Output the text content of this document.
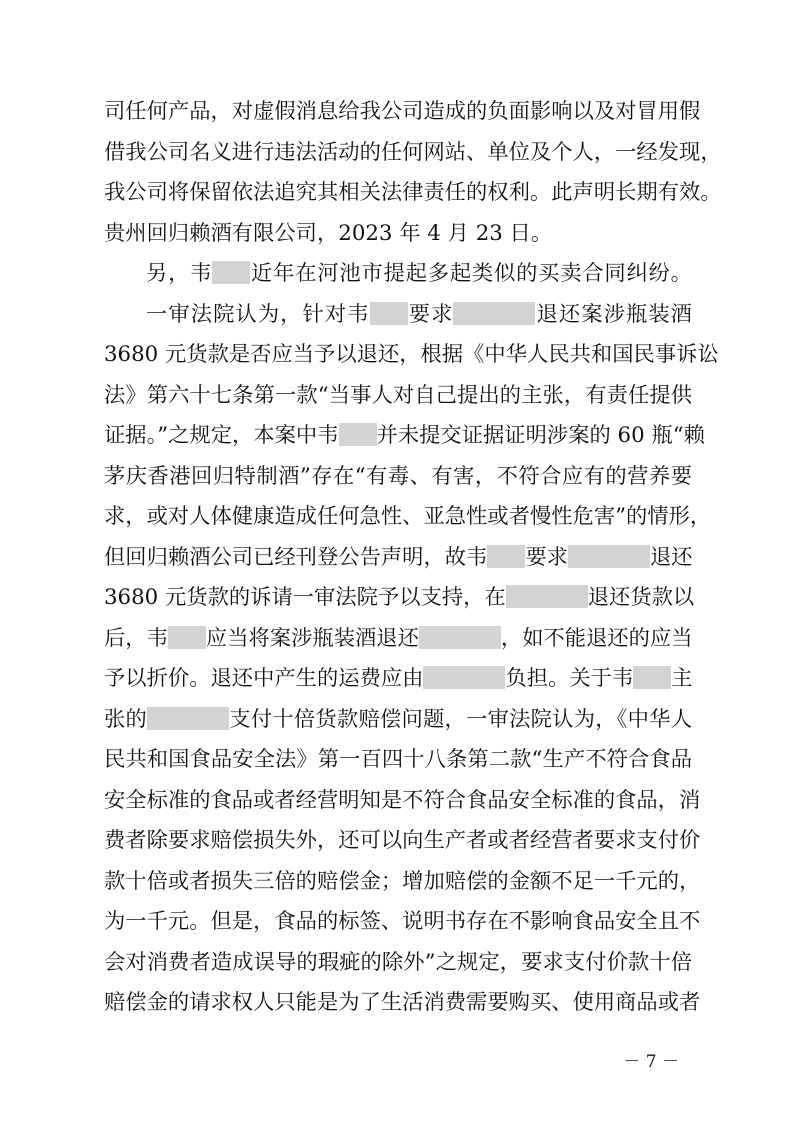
司任何产品，对虚假消息给我公司造成的负面影响以及对冒用假
借我公司名义进行违法活动的任何网站、单位及个人，一经发现，
我公司将保留依法追究其相关法律责任的权利。此声明长期有效。
贵州回归赖酒有限公司，2023 年 4 月 23 日。
另，韦 近年在河池市提起多起类似的买卖合同纠纷。
一审法院认为，针对韦 要求	退还案涉瓶装酒
3680 元货款是否应当予以退还，根据《中华人民共和国民事诉讼
法》第六十七条第一款“当事人对自己提出的主张，有责任提供
证据。”之规定，本案中韦 并未提交证据证明涉案的 60 瓶“赖
茅庆香港回归特制酒”存在“有毒、有害，不符合应有的营养要
求，或对人体健康造成任何急性、亚急性或者慢性危害”的情形，
但回归赖酒公司已经刊登公告声明，故韦 要求	退还
3680 元货款的诉请一审法院予以支持，在	退还货款以
后，韦 应当将案涉瓶装酒退还	，如不能退还的应当
予以折价。退还中产生的运费应由	负担。关于韦 主
张的	支付十倍货款赔偿问题，一审法院认为，《中华人
民共和国食品安全法》第一百四十八条第二款“生产不符合食品
安全标准的食品或者经营明知是不符合食品安全标准的食品，消
费者除要求赔偿损失外，还可以向生产者或者经营者要求支付价
款十倍或者损失三倍的赔偿金；增加赔偿的金额不足一千元的，
为一千元。但是，食品的标签、说明书存在不影响食品安全且不
会对消费者造成误导的瑕疵的除外”之规定，要求支付价款十倍
赔偿金的请求权人只能是为了生活消费需要购买、使用商品或者
－ 7 －
